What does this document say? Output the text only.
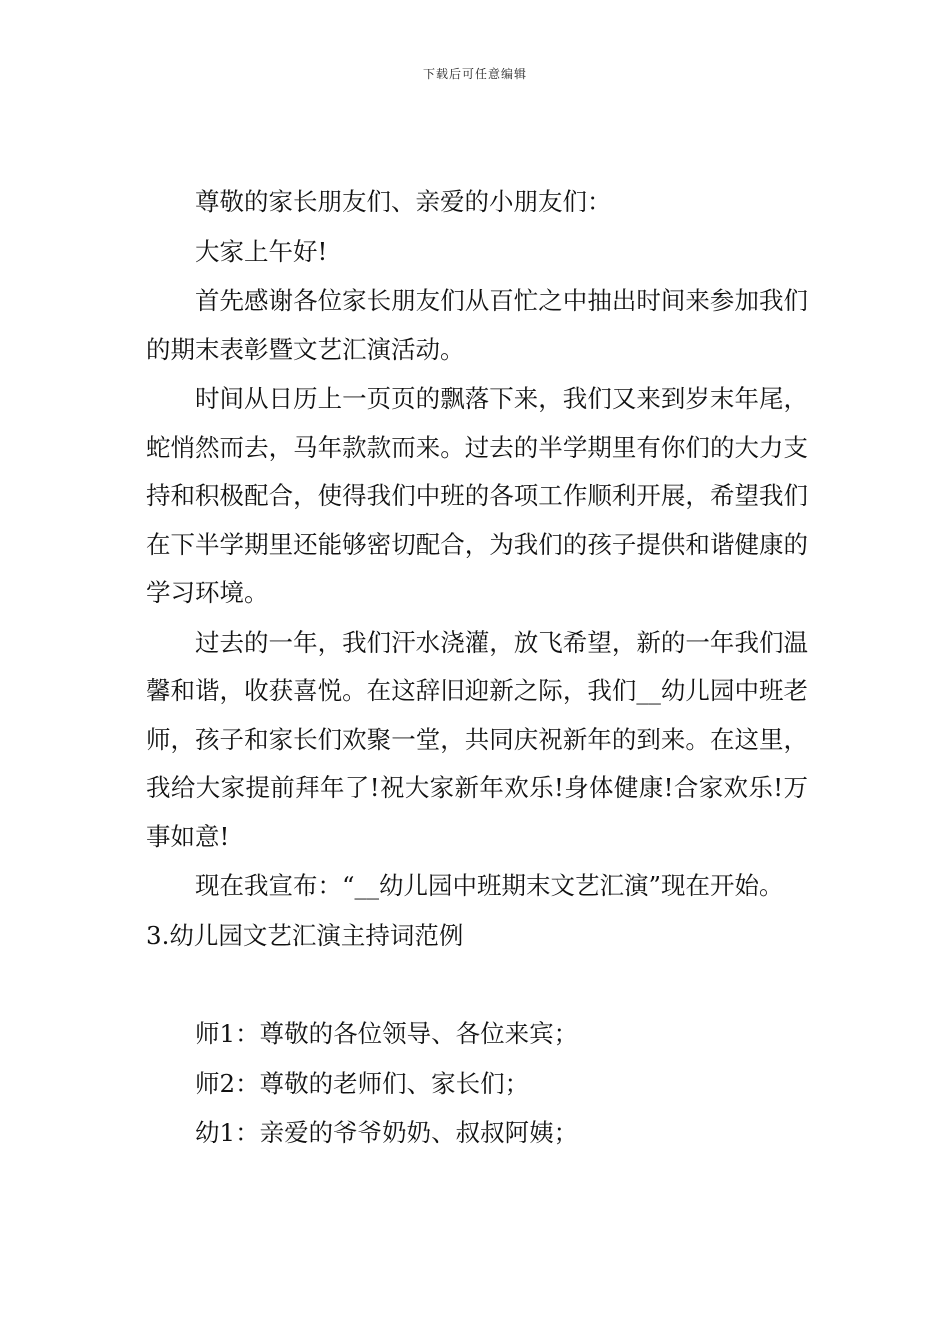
下载后可任意编辑

尊敬的家长朋友们、亲爱的小朋友们：

大家上午好!

首先感谢各位家长朋友们从百忙之中抽出时间来参加我们的期末表彰暨文艺汇演活动。

时间从日历上一页页的飘落下来，我们又来到岁末年尾，蛇悄然而去，马年款款而来。过去的半学期里有你们的大力支持和积极配合，使得我们中班的各项工作顺利开展，希望我们在下半学期里还能够密切配合，为我们的孩子提供和谐健康的学习环境。

过去的一年，我们汗水浇灌，放飞希望，新的一年我们温馨和谐，收获喜悦。在这辞旧迎新之际，我们__幼儿园中班老师，孩子和家长们欢聚一堂，共同庆祝新年的到来。在这里，我给大家提前拜年了!祝大家新年欢乐!身体健康!合家欢乐!万事如意!

现在我宣布：“__幼儿园中班期末文艺汇演”现在开始。

3.幼儿园文艺汇演主持词范例

师1：尊敬的各位领导、各位来宾；

师2：尊敬的老师们、家长们；

幼1：亲爱的爷爷奶奶、叔叔阿姨；
